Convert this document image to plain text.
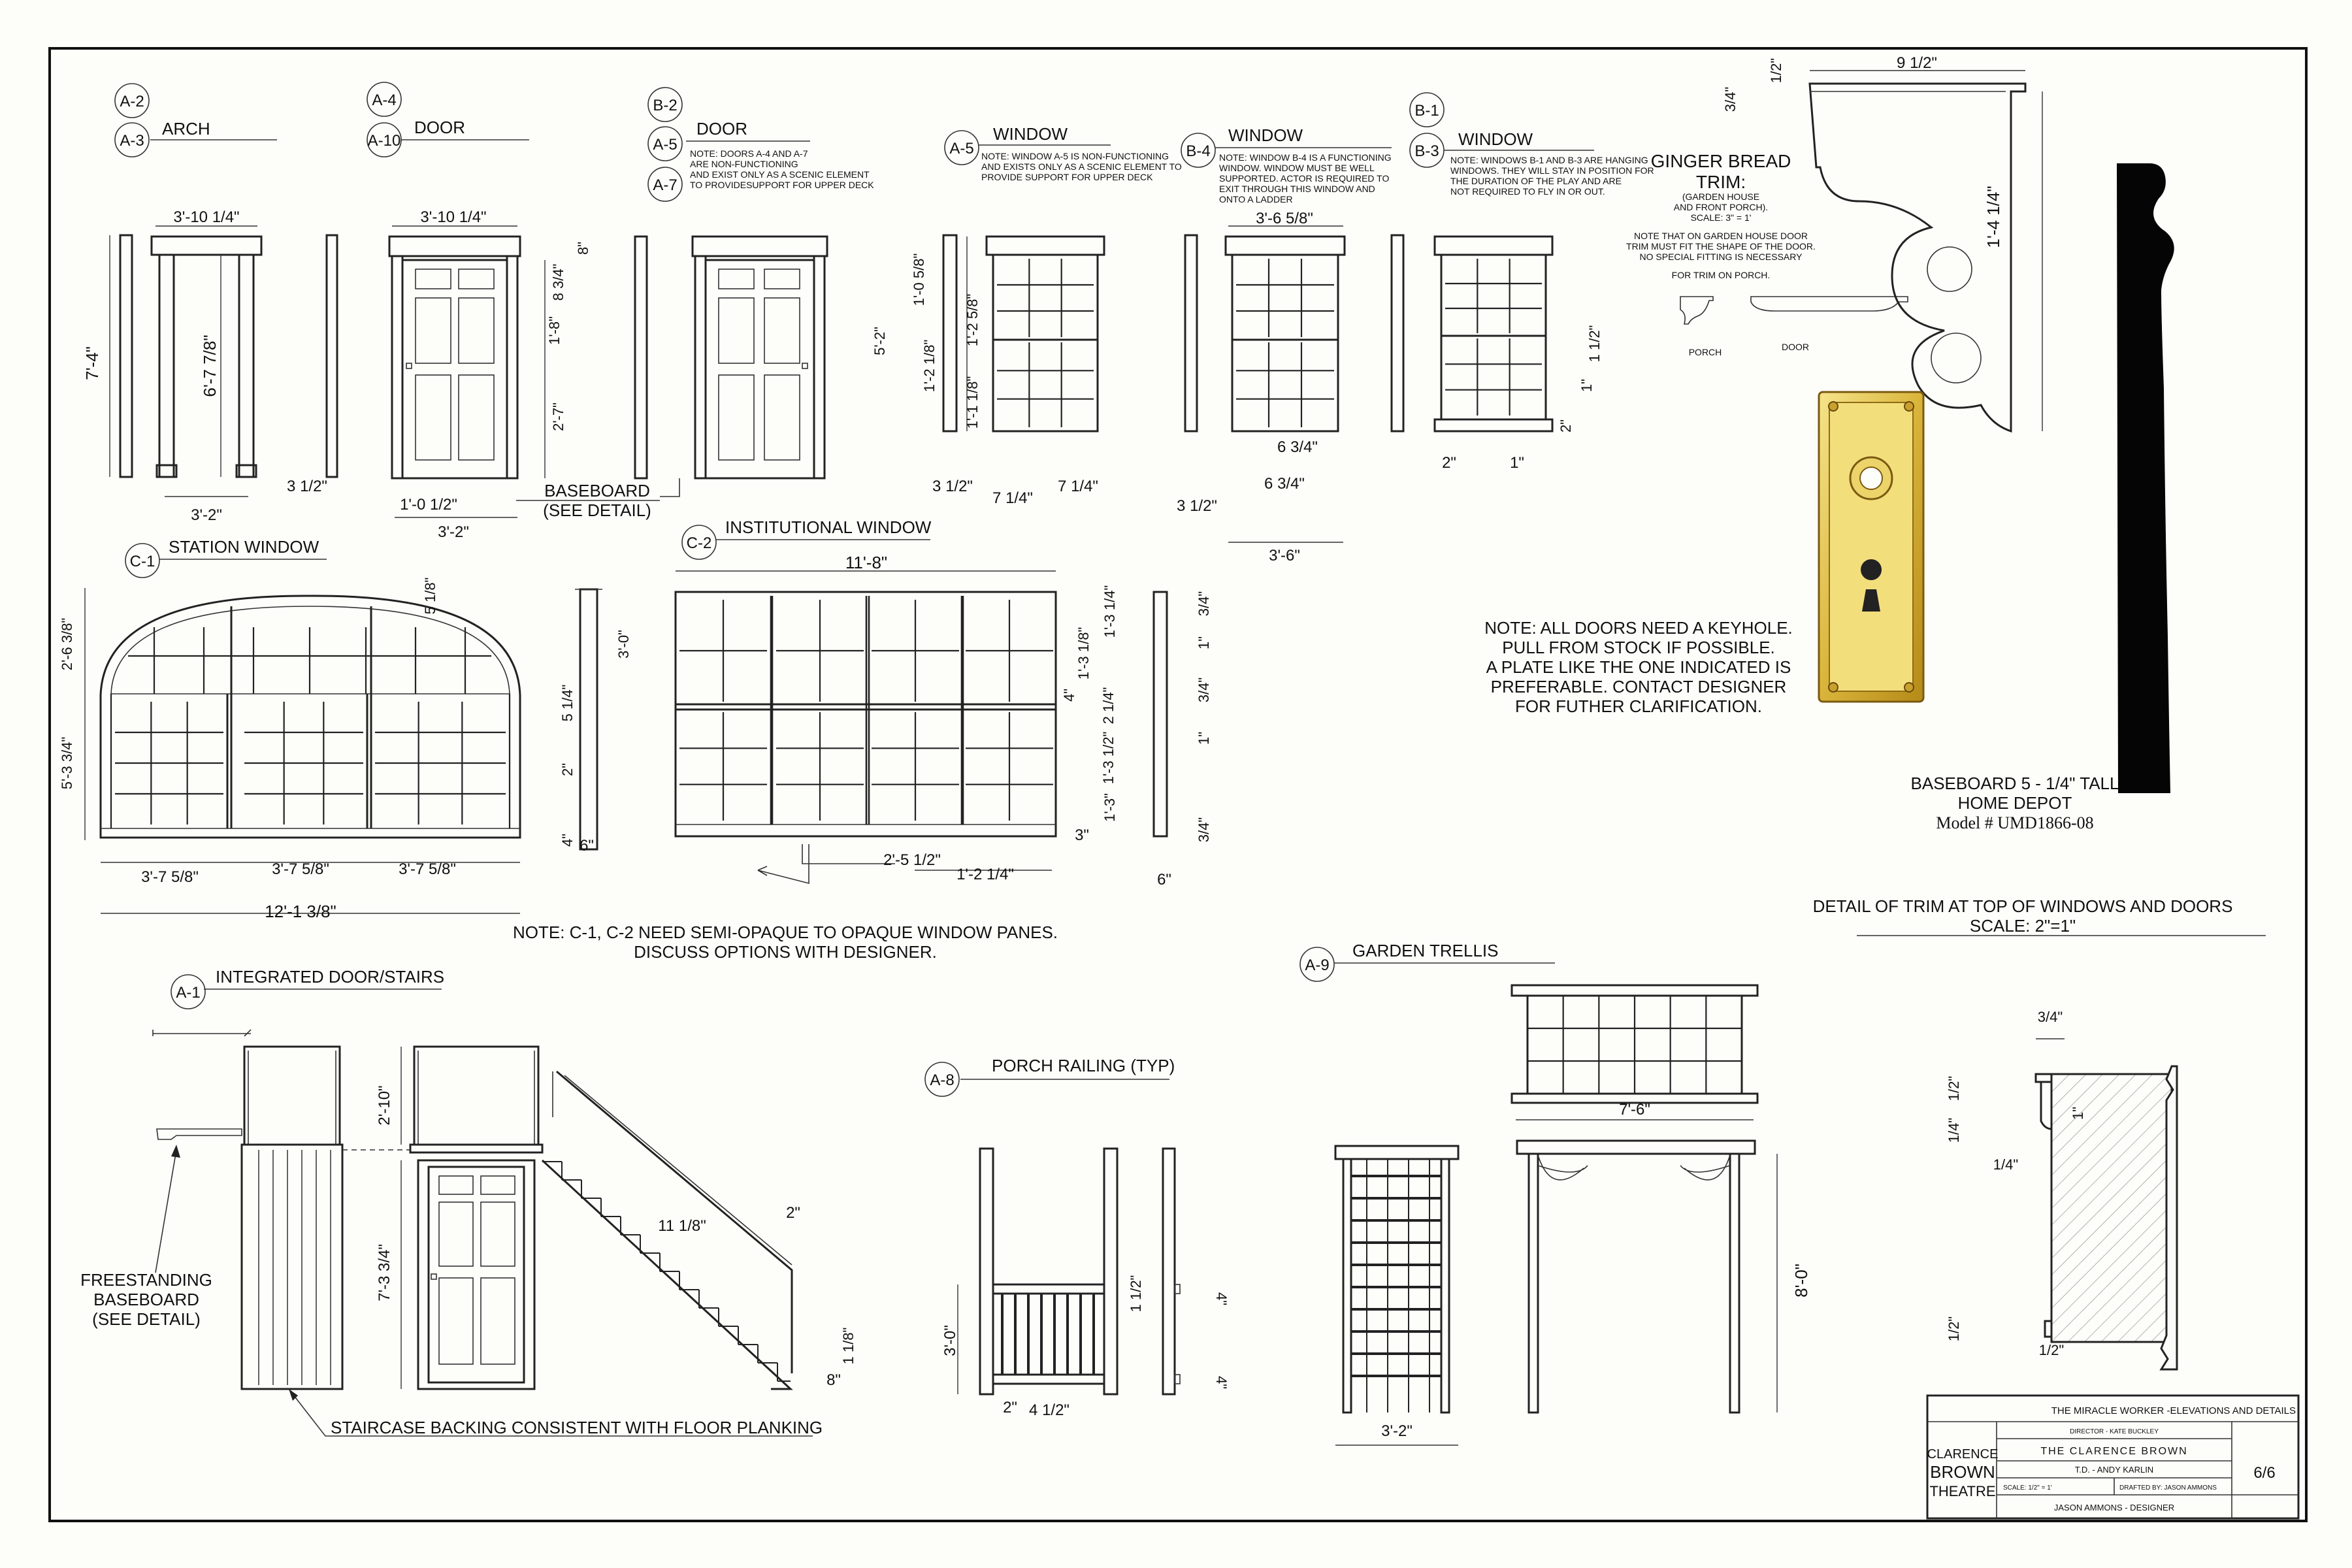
A-2
A-3
ARCH
3'-10 1/4"
7'-4"	6'-7 7/8"
3'-2"
3 1/2"
A-4
A-10
DOOR
3'-10 1/4"
8 3/4"
1'-8"
2'-7"
1'-0 1/2"
3'-2"
B-2
A-5
A-7
DOOR
NOTE: DOORS A-4 AND A-7
ARE NON-FUNCTIONING
AND EXIST ONLY AS A SCENIC ELEMENT
TO PROVIDESUPPORT FOR UPPER DECK
8"
BASEBOARD
(SEE DETAIL)
A-5
WINDOW
NOTE: WINDOW A-5 IS NON-FUNCTIONING
AND EXISTS ONLY AS A SCENIC ELEMENT TO
PROVIDE SUPPORT FOR UPPER DECK
1'-0 5/8"
5'-2"	1'-2 5/8"
1'-2 1/8"
1'-1 1/8"
3 1/2"
7 1/4"
7 1/4"
B-4
WINDOW
NOTE: WINDOW B-4 IS A FUNCTIONING
WINDOW. WINDOW MUST BE WELL
SUPPORTED. ACTOR IS REQUIRED TO
EXIT THROUGH THIS WINDOW AND
ONTO A LADDER
3'-6 5/8"
6 3/4"
6 3/4"
3 1/2"
3'-6"
B-1
B-3
WINDOW
NOTE: WINDOWS B-1 AND B-3 ARE HANGING
WINDOWS. THEY WILL STAY IN POSITION FOR
THE DURATION OF THE PLAY AND ARE
NOT REQUIRED TO FLY IN OR OUT.
1 1/2"
1"
2"
2"	1"
GINGER BREAD
TRIM:
(GARDEN HOUSE
AND FRONT PORCH).
SCALE: 3" = 1'
NOTE THAT ON GARDEN HOUSE DOOR
TRIM MUST FIT THE SHAPE OF THE DOOR.
NO SPECIAL FITTING IS NECESSARY
FOR TRIM ON PORCH.
PORCH	DOOR
9 1/2"
1/2"
3/4"
1'-4 1/4"
NOTE: ALL DOORS NEED A KEYHOLE.
PULL FROM STOCK IF POSSIBLE.
A PLATE LIKE THE ONE INDICATED IS
PREFERABLE. CONTACT DESIGNER
FOR FUTHER CLARIFICATION.
BASEBOARD 5 - 1/4" TALL
HOME DEPOT
Model # UMD1866-08
C-1
STATION WINDOW
5 1/8"
2'-6 3/8"
5'-3 3/4"
3'-7 5/8"	3'-7 5/8"	3'-7 5/8"
12'-1 3/8"
3'-0"
5 1/4"
2"
4" 6"
C-2
INSTITUTIONAL WINDOW
11'-8"
1'-3 1/4"
1'-3 1/8"
4" 2 1/4"
1'-3 1/2"
1'-3"
3"
2'-5 1/2"
1'-2 1/4"
3/4"
1"
3/4"
1"
3/4"
6"
NOTE: C-1, C-2 NEED SEMI-OPAQUE TO OPAQUE WINDOW PANES.
DISCUSS OPTIONS WITH DESIGNER.
DETAIL OF TRIM AT TOP OF WINDOWS AND DOORS
SCALE: 2"=1"
3/4"
1/2"
1"
1/4"
1/4"
1/2"
1/2"
A-1
INTEGRATED DOOR/STAIRS
2'-10"
7'-3 3/4"
11 1/8"
2"
1 1/8"
8"
FREESTANDING
BASEBOARD
(SEE DETAIL)
STAIRCASE BACKING CONSISTENT WITH FLOOR PLANKING
A-8
PORCH RAILING (TYP)
3'-0"
1 1/2"	4"
4"
2" 4 1/2"
A-9
GARDEN TRELLIS
7'-6"
8'-0"
3'-2"
THE MIRACLE WORKER -ELEVATIONS AND DETAILS
DIRECTOR - KATE BUCKLEY
THE CLARENCE BROWN
T.D. - ANDY KARLIN
SCALE: 1/2" = 1'	DRAFTED BY: JASON AMMONS
JASON AMMONS - DESIGNER
CLARENCE
BROWN
THEATRE
6/6
